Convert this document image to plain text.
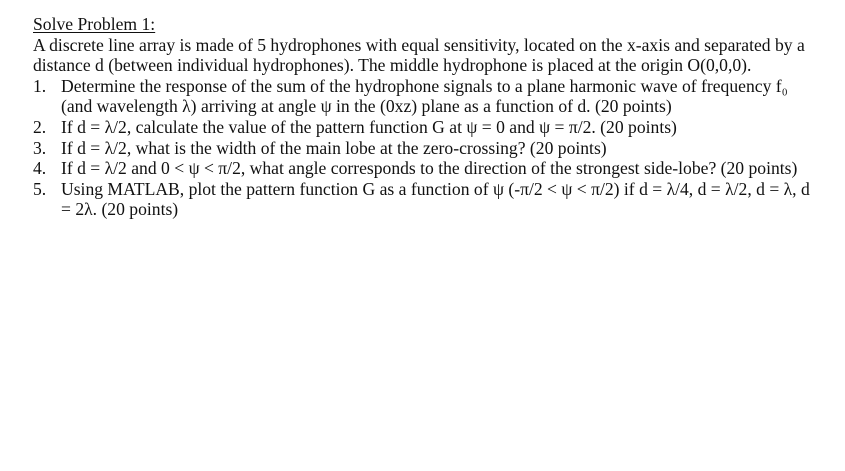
Solve Problem 1:

A discrete line array is made of 5 hydrophones with equal sensitivity, located on the x-axis and separated by a distance d (between individual hydrophones). The middle hydrophone is placed at the origin O(0,0,0).

1. Determine the response of the sum of the hydrophone signals to a plane harmonic wave of frequency f₀ (and wavelength λ) arriving at angle ψ in the (0xz) plane as a function of d. (20 points)
2. If d = λ/2, calculate the value of the pattern function G at ψ = 0 and ψ = π/2. (20 points)
3. If d = λ/2, what is the width of the main lobe at the zero-crossing? (20 points)
4. If d = λ/2 and 0 < ψ < π/2, what angle corresponds to the direction of the strongest side-lobe? (20 points)
5. Using MATLAB, plot the pattern function G as a function of ψ (-π/2 < ψ < π/2) if d = λ/4, d = λ/2, d = λ, d = 2λ. (20 points)
